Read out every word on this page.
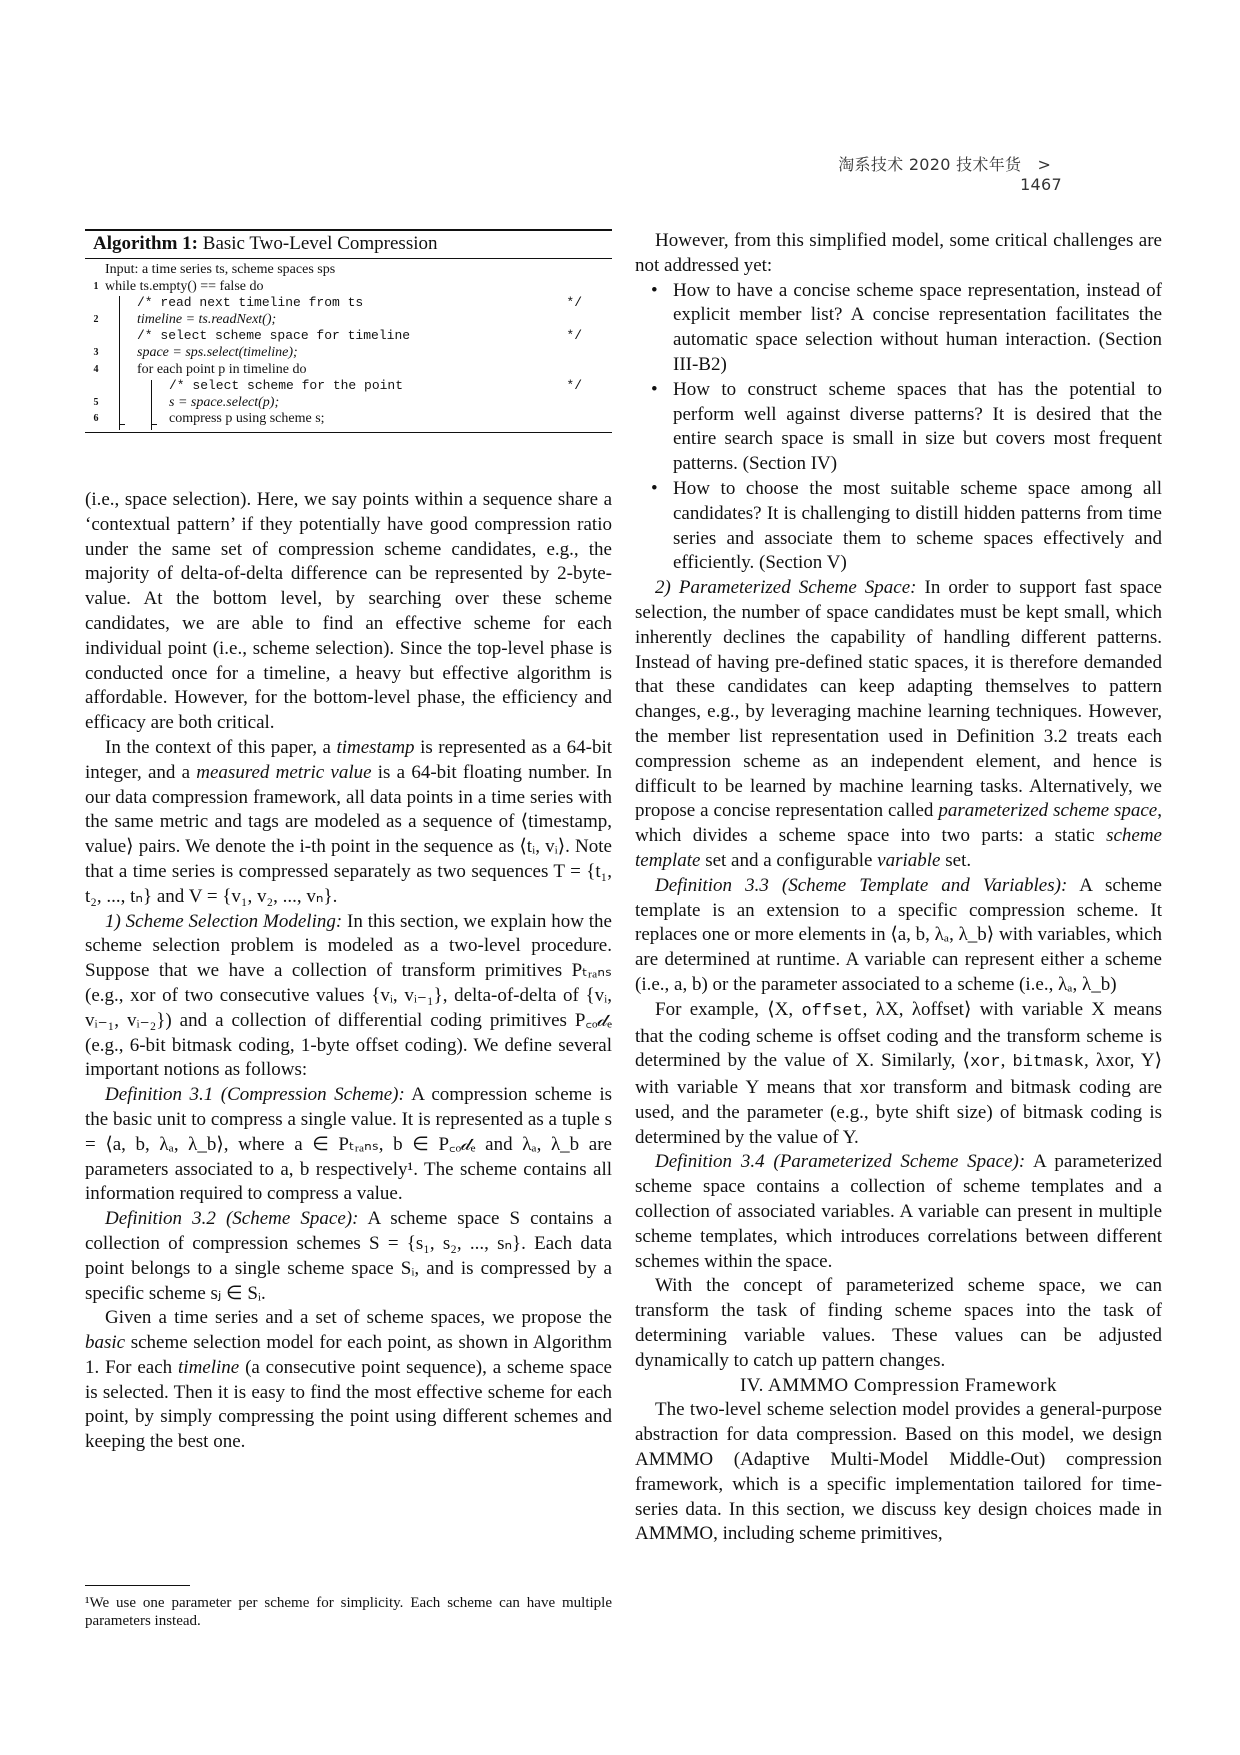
淘系技术 2020 技术年货 >   1467
Algorithm 1: Basic Two-Level Compression
Input: a time series ts, scheme spaces sps
1 while ts.empty() == false do
/* read next timeline from ts	*/
2	timeline = ts.readNext();
/* select scheme space for timeline	*/
3	space = sps.select(timeline);
4	for each point p in timeline do
/* select scheme for the point	*/
5	s = space.select(p);
6	compress p using scheme s;

(i.e., space selection). Here, we say points within a sequence share a ‘contextual pattern’ if they potentially have good compression ratio under the same set of compression scheme candidates, e.g., the majority of delta-of-delta difference can be represented by 2-byte-value. At the bottom level, by searching over these scheme candidates, we are able to find an effective scheme for each individual point (i.e., scheme selection). Since the top-level phase is conducted once for a timeline, a heavy but effective algorithm is affordable. However, for the bottom-level phase, the efficiency and efficacy are both critical.

In the context of this paper, a timestamp is represented as a 64-bit integer, and a measured metric value is a 64-bit floating number. In our data compression framework, all data points in a time series with the same metric and tags are modeled as a sequence of ⟨timestamp, value⟩ pairs. We denote the i-th point in the sequence as ⟨tᵢ, vᵢ⟩. Note that a time series is compressed separately as two sequences T = {t₁, t₂, ..., tₙ} and V = {v₁, v₂, ..., vₙ}.

1) Scheme Selection Modeling: In this section, we explain how the scheme selection problem is modeled as a two-level procedure. Suppose that we have a collection of transform primitives Pₜᵣₐₙₛ (e.g., xor of two consecutive values {vᵢ, vᵢ₋₁}, delta-of-delta of {vᵢ, vᵢ₋₁, vᵢ₋₂}) and a collection of differential coding primitives P꜀ₒ𝒹ₑ (e.g., 6-bit bitmask coding, 1-byte offset coding). We define several important notions as follows:

Definition 3.1 (Compression Scheme): A compression scheme is the basic unit to compress a single value. It is represented as a tuple s = ⟨a, b, λₐ, λ_b⟩, where a ∈ Pₜᵣₐₙₛ, b ∈ P꜀ₒ𝒹ₑ and λₐ, λ_b are parameters associated to a, b respectively¹. The scheme contains all information required to compress a value.

Definition 3.2 (Scheme Space): A scheme space S contains a collection of compression schemes S = {s₁, s₂, ..., sₙ}. Each data point belongs to a single scheme space Sᵢ, and is compressed by a specific scheme sⱼ ∈ Sᵢ.

Given a time series and a set of scheme spaces, we propose the basic scheme selection model for each point, as shown in Algorithm 1. For each timeline (a consecutive point sequence), a scheme space is selected. Then it is easy to find the most effective scheme for each point, by simply compressing the point using different schemes and keeping the best one.

¹We use one parameter per scheme for simplicity. Each scheme can have multiple parameters instead.

However, from this simplified model, some critical challenges are not addressed yet:

• How to have a concise scheme space representation, instead of explicit member list? A concise representation facilitates the automatic space selection without human interaction. (Section III-B2)
• How to construct scheme spaces that has the potential to perform well against diverse patterns? It is desired that the entire search space is small in size but covers most frequent patterns. (Section IV)
• How to choose the most suitable scheme space among all candidates? It is challenging to distill hidden patterns from time series and associate them to scheme spaces effectively and efficiently. (Section V)

2) Parameterized Scheme Space: In order to support fast space selection, the number of space candidates must be kept small, which inherently declines the capability of handling different patterns. Instead of having pre-defined static spaces, it is therefore demanded that these candidates can keep adapting themselves to pattern changes, e.g., by leveraging machine learning techniques. However, the member list representation used in Definition 3.2 treats each compression scheme as an independent element, and hence is difficult to be learned by machine learning tasks. Alternatively, we propose a concise representation called parameterized scheme space, which divides a scheme space into two parts: a static scheme template set and a configurable variable set.

Definition 3.3 (Scheme Template and Variables): A scheme template is an extension to a specific compression scheme. It replaces one or more elements in ⟨a, b, λₐ, λ_b⟩ with variables, which are determined at runtime. A variable can represent either a scheme (i.e., a, b) or the parameter associated to a scheme (i.e., λₐ, λ_b)

For example, ⟨X, offset, λX, λoffset⟩ with variable X means that the coding scheme is offset coding and the transform scheme is determined by the value of X. Similarly, ⟨xor, bitmask, λxor, Y⟩ with variable Y means that xor transform and bitmask coding are used, and the parameter (e.g., byte shift size) of bitmask coding is determined by the value of Y.

Definition 3.4 (Parameterized Scheme Space): A parameterized scheme space contains a collection of scheme templates and a collection of associated variables. A variable can present in multiple scheme templates, which introduces correlations between different schemes within the space.

With the concept of parameterized scheme space, we can transform the task of finding scheme spaces into the task of determining variable values. These values can be adjusted dynamically to catch up pattern changes.

IV. AMMMO Compression Framework

The two-level scheme selection model provides a general-purpose abstraction for data compression. Based on this model, we design AMMMO (Adaptive Multi-Model Middle-Out) compression framework, which is a specific implementation tailored for time-series data. In this section, we discuss key design choices made in AMMMO, including scheme primitives,
